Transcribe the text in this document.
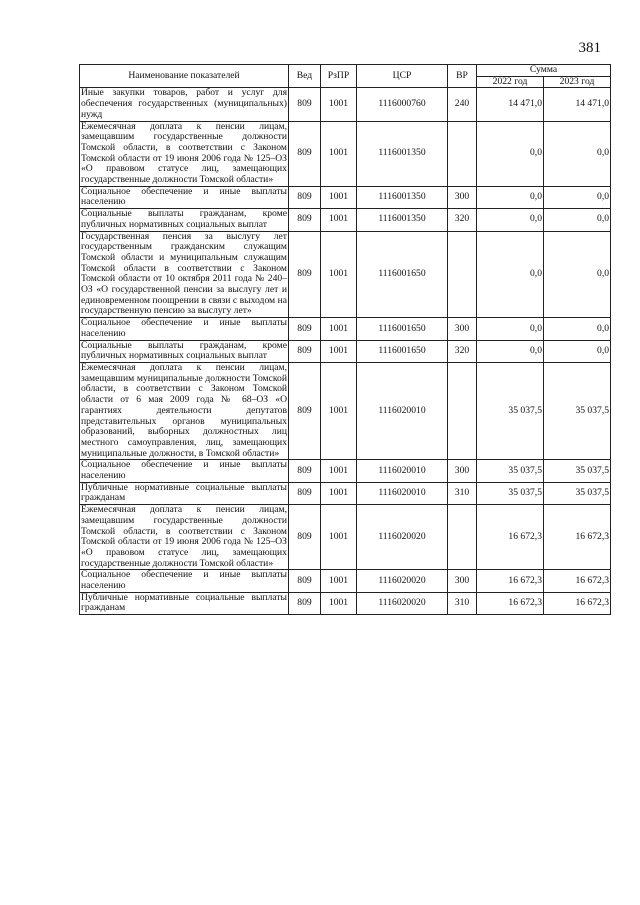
381
Наименование показателей	Вед	РзПР	ЦСР	ВР	Сумма	
					2022 год	2023 год
Иные закупки товаров, работ и услуг для обеспечения государственных (муниципальных) нужд	809	1001	1116000760	240	14 471,0	14 471,0
Ежемесячная доплата к пенсии лицам, замещавшим государственные должности Томской области, в соответствии с Законом Томской области от 19 июня 2006 года № 125–ОЗ «О правовом статусе лиц, замещающих государственные должности Томской области»	809	1001	1116001350		0,0	0,0
Социальное обеспечение и иные выплаты населению	809	1001	1116001350	300	0,0	0,0
Социальные выплаты гражданам, кроме публичных нормативных социальных выплат	809	1001	1116001350	320	0,0	0,0
Государственная пенсия за выслугу лет государственным гражданским служащим Томской области и муниципальным служащим Томской области в соответствии с Законом Томской области от 10 октября 2011 года № 240–ОЗ «О государственной пенсии за выслугу лет и единовременном поощрении в связи с выходом на государственную пенсию за выслугу лет»	809	1001	1116001650		0,0	0,0
Социальное обеспечение и иные выплаты населению	809	1001	1116001650	300	0,0	0,0
Социальные выплаты гражданам, кроме публичных нормативных социальных выплат	809	1001	1116001650	320	0,0	0,0
Ежемесячная доплата к пенсии лицам, замещавшим муниципальные должности Томской области, в соответствии с Законом Томской области от 6 мая 2009 года № 68–ОЗ «О гарантиях деятельности депутатов представительных органов муниципальных образований, выборных должностных лиц местного самоуправления, лиц, замещающих муниципальные должности, в Томской области»	809	1001	1116020010		35 037,5	35 037,5
Социальное обеспечение и иные выплаты населению	809	1001	1116020010	300	35 037,5	35 037,5
Публичные нормативные социальные выплаты гражданам	809	1001	1116020010	310	35 037,5	35 037,5
Ежемесячная доплата к пенсии лицам, замещавшим государственные должности Томской области, в соответствии с Законом Томской области от 19 июня 2006 года № 125–ОЗ «О правовом статусе лиц, замещающих государственные должности Томской области»	809	1001	1116020020		16 672,3	16 672,3
Социальное обеспечение и иные выплаты населению	809	1001	1116020020	300	16 672,3	16 672,3
Публичные нормативные социальные выплаты гражданам	809	1001	1116020020	310	16 672,3	16 672,3
